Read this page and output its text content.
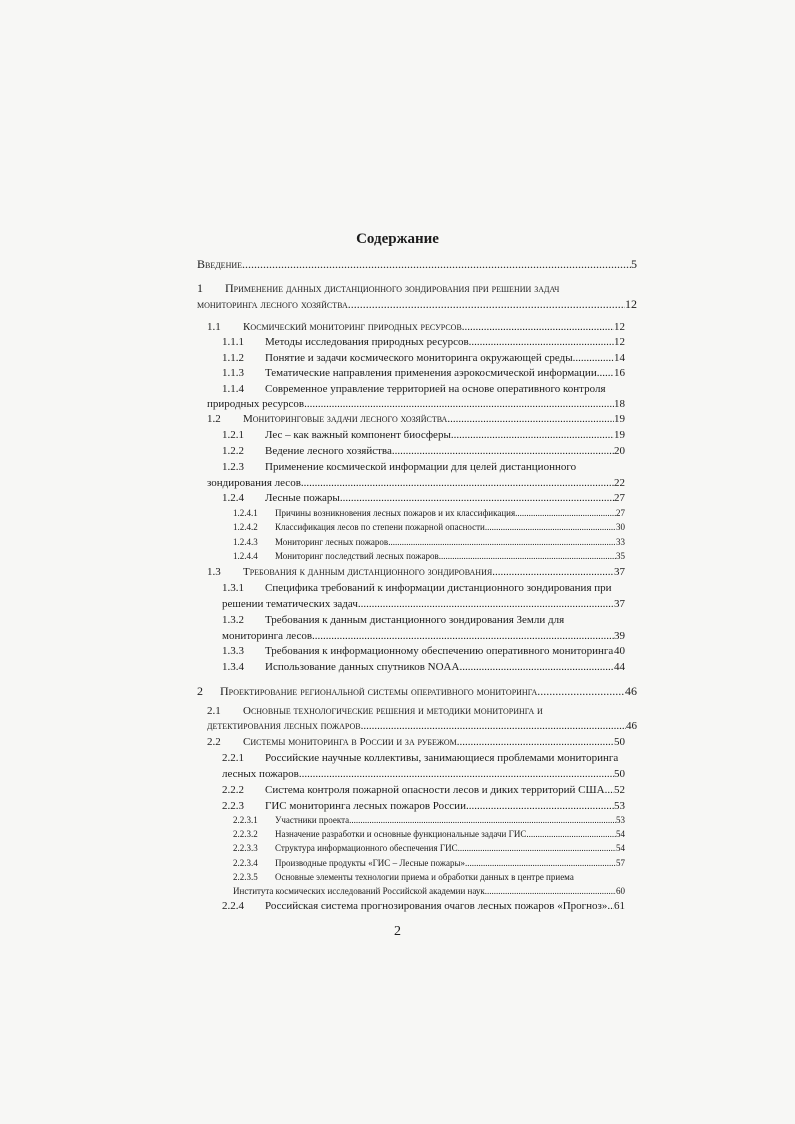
Содержание
Введение .....	5
1	Применение данных дистанционного зондирования при решении задач
мониторинга лесного хозяйства .....	12
1.1	Космический мониторинг природных ресурсов .....	12
1.1.1	Методы исследования природных ресурсов .....	12
1.1.2	Понятие и задачи космического мониторинга окружающей среды .....	14
1.1.3	Тематические направления применения аэрокосмической информации ..... 16
1.1.4	Современное управление территорией на основе оперативного контроля
природных ресурсов .....	18
1.2	Мониторинговые задачи лесного хозяйства .....	19
1.2.1	Лес – как важный компонент биосферы .....	19
1.2.2	Ведение лесного хозяйства .....	20
1.2.3	Применение космической информации для целей дистанционного
зондирования лесов .....	22
1.2.4	Лесные пожары .....	27
1.2.4.1	Причины возникновения лесных пожаров и их классификация .....	27
1.2.4.2	Классификация лесов по степени пожарной опасности .....	30
1.2.4.3	Мониторинг лесных пожаров .....	33
1.2.4.4	Мониторинг последствий лесных пожаров .....	35
1.3	Требования к данным дистанционного зондирования .....	37
1.3.1	Специфика требований к информации дистанционного зондирования при
решении тематических задач .....	37
1.3.2	Требования к данным дистанционного зондирования Земли для
мониторинга лесов .....	39
1.3.3	Требования к информационному обеспечению оперативного мониторинга ..... 40
1.3.4	Использование данных спутников NOAA .....	44
2	Проектирование региональной системы оперативного мониторинга .....	46
2.1	Основные технологические решения и методики мониторинга и
детектирования лесных пожаров .....	46
2.2	Системы мониторинга в России и за рубежом .....	50
2.2.1	Российские научные коллективы, занимающиеся проблемами мониторинга
лесных пожаров .....	50
2.2.2	Система контроля пожарной опасности лесов и диких территорий США ..... 52
2.2.3	ГИС мониторинга лесных пожаров России .....	53
2.2.3.1	Участники проекта .....	53
2.2.3.2	Назначение разработки и основные функциональные задачи ГИС .....	54
2.2.3.3	Структура информационного обеспечения ГИС .....	54
2.2.3.4	Производные продукты «ГИС – Лесные пожары» .....	57
2.2.3.5	Основные элементы технологии приема и обработки данных в центре приема
Института космических исследований Российской академии наук .....	60
2.2.4	Российская система прогнозирования очагов лесных пожаров «Прогноз» ..... 61
2
